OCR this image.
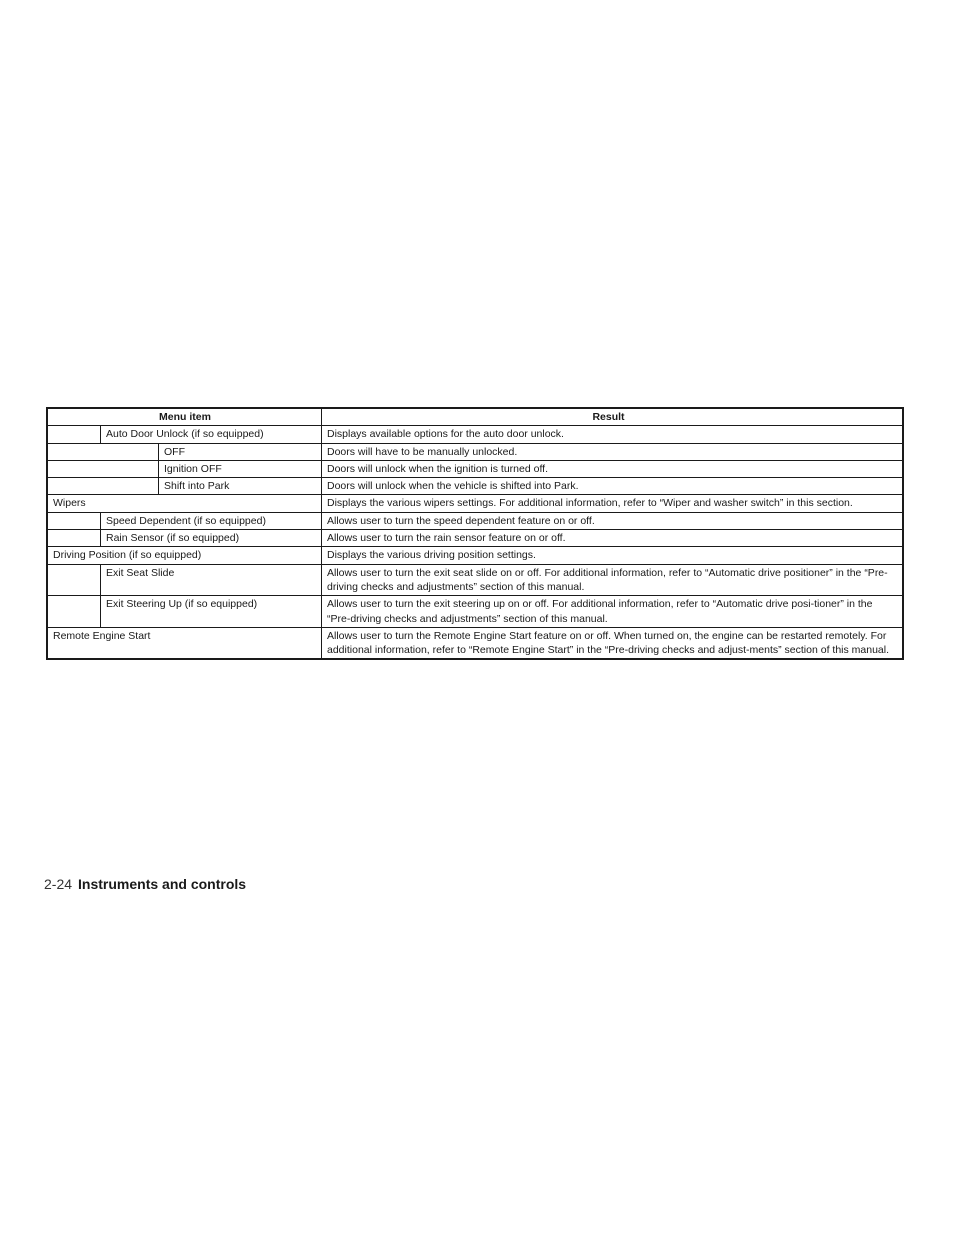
Menu item	Result
Auto Door Unlock (if so equipped)	Displays available options for the auto door unlock.
OFF	Doors will have to be manually unlocked.
Ignition OFF	Doors will unlock when the ignition is turned off.
Shift into Park	Doors will unlock when the vehicle is shifted into Park.
Wipers	Displays the various wipers settings. For additional information, refer to “Wiper and washer switch” in this section.
Speed Dependent (if so equipped)	Allows user to turn the speed dependent feature on or off.
Rain Sensor (if so equipped)	Allows user to turn the rain sensor feature on or off.
Driving Position (if so equipped)	Displays the various driving position settings.
Exit Seat Slide	Allows user to turn the exit seat slide on or off. For additional information, refer to “Automatic drive positioner” in the “Pre-driving checks and adjustments” section of this manual.
Exit Steering Up (if so equipped)	Allows user to turn the exit steering up on or off. For additional information, refer to “Automatic drive posi-tioner” in the “Pre-driving checks and adjustments” section of this manual.
Remote Engine Start	Allows user to turn the Remote Engine Start feature on or off. When turned on, the engine can be restarted remotely. For additional information, refer to “Remote Engine Start” in the “Pre-driving checks and adjust-ments” section of this manual.
2-24 Instruments and controls
